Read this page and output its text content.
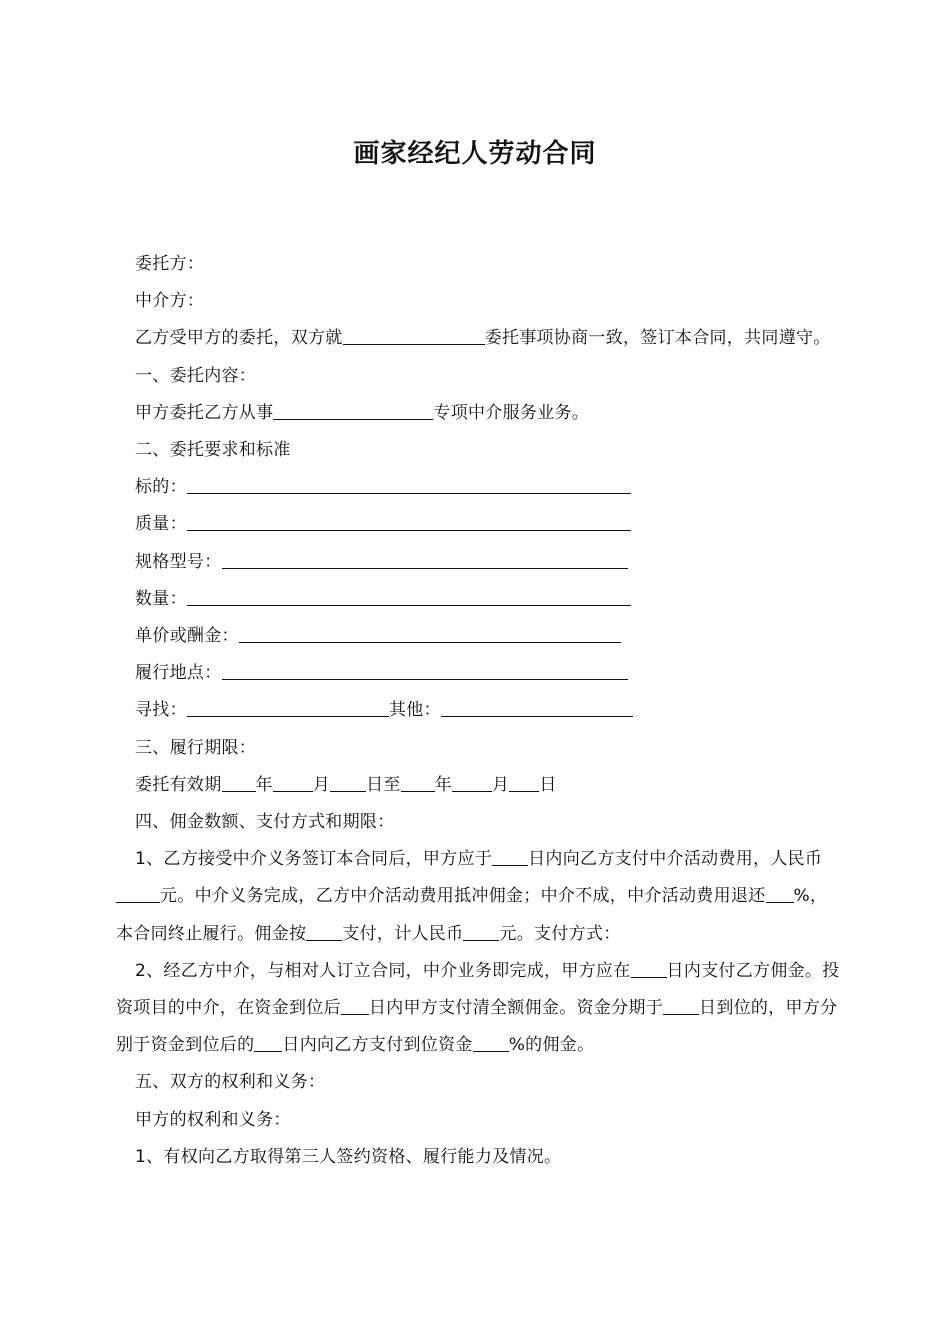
画家经纪人劳动合同

委托方：

中介方：

乙方受甲方的委托，双方就	委托事项协商一致，签订本合同，共同遵守。

一、委托内容：

甲方委托乙方从事	专项中介服务业务。

二、委托要求和标准

标的：

质量：

规格型号：

数量：

单价或酬金：

履行地点：

寻找：	其他：

三、履行期限：

委托有效期 年 月 日至 年 月 日

四、佣金数额、支付方式和期限：

1、乙方接受中介义务签订本合同后，甲方应于 日内向乙方支付中介活动费用，人民币元。中介义务完成，乙方中介活动费用抵冲佣金；中介不成，中介活动费用退还 %，本合同终止履行。佣金按 支付，计人民币 元。支付方式：

2、经乙方中介，与相对人订立合同，中介业务即完成，甲方应在 日内支付乙方佣金。投资项目的中介，在资金到位后 日内甲方支付清全额佣金。资金分期于 日到位的，甲方分别于资金到位后的 日内向乙方支付到位资金 %的佣金。

五、双方的权利和义务：

甲方的权利和义务：

1、有权向乙方取得第三人签约资格、履行能力及情况。
